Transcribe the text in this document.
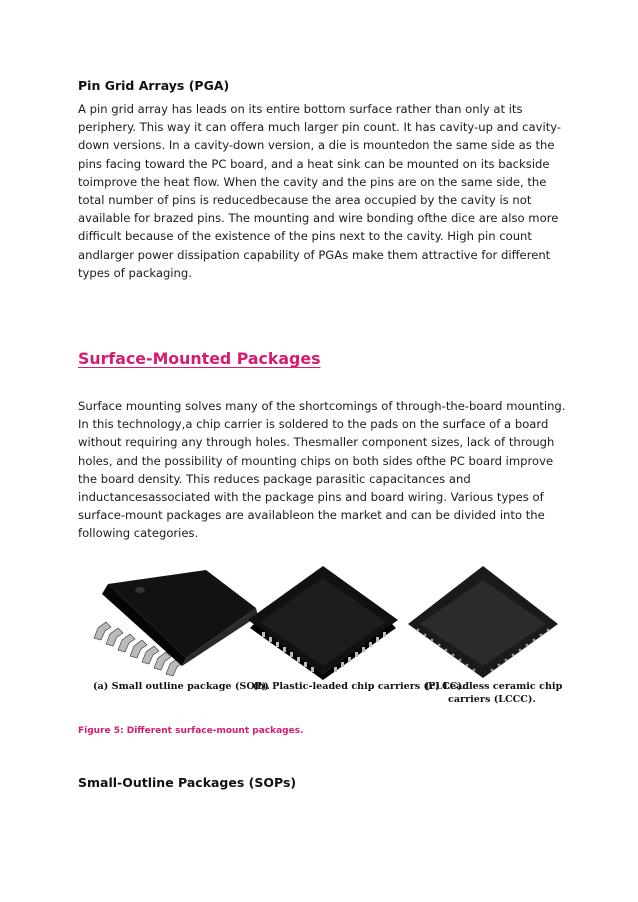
Pin Grid Arrays (PGA)
A pin grid array has leads on its entire bottom surface rather than only at its
periphery. This way it can offera much larger pin count. It has cavity-up and cavity-
down versions. In a cavity-down version, a die is mountedon the same side as the
pins facing toward the PC board, and a heat sink can be mounted on its backside
toimprove the heat flow. When the cavity and the pins are on the same side, the
total number of pins is reducedbecause the area occupied by the cavity is not
available for brazed pins. The mounting and wire bonding ofthe dice are also more
difficult because of the existence of the pins next to the cavity. High pin count
andlarger power dissipation capability of PGAs make them attractive for different
types of packaging.
Surface-Mounted Packages
Surface mounting solves many of the shortcomings of through-the-board mounting.
In this technology,a chip carrier is soldered to the pads on the surface of a board
without requiring any through holes. Thesmaller component sizes, lack of through
holes, and the possibility of mounting chips on both sides ofthe PC board improve
the board density. This reduces package parasitic capacitances and
inductancesassociated with the package pins and board wiring. Various types of
surface-mount packages are availableon the market and can be divided into the
following categories.
(a) Small outline package (SOP).
(b) Plastic-leaded chip carriers (PLCC).
(c) Leadless ceramic chip
carriers (LCCC).
Figure 5: Different surface-mount packages.
Small-Outline Packages (SOPs)
